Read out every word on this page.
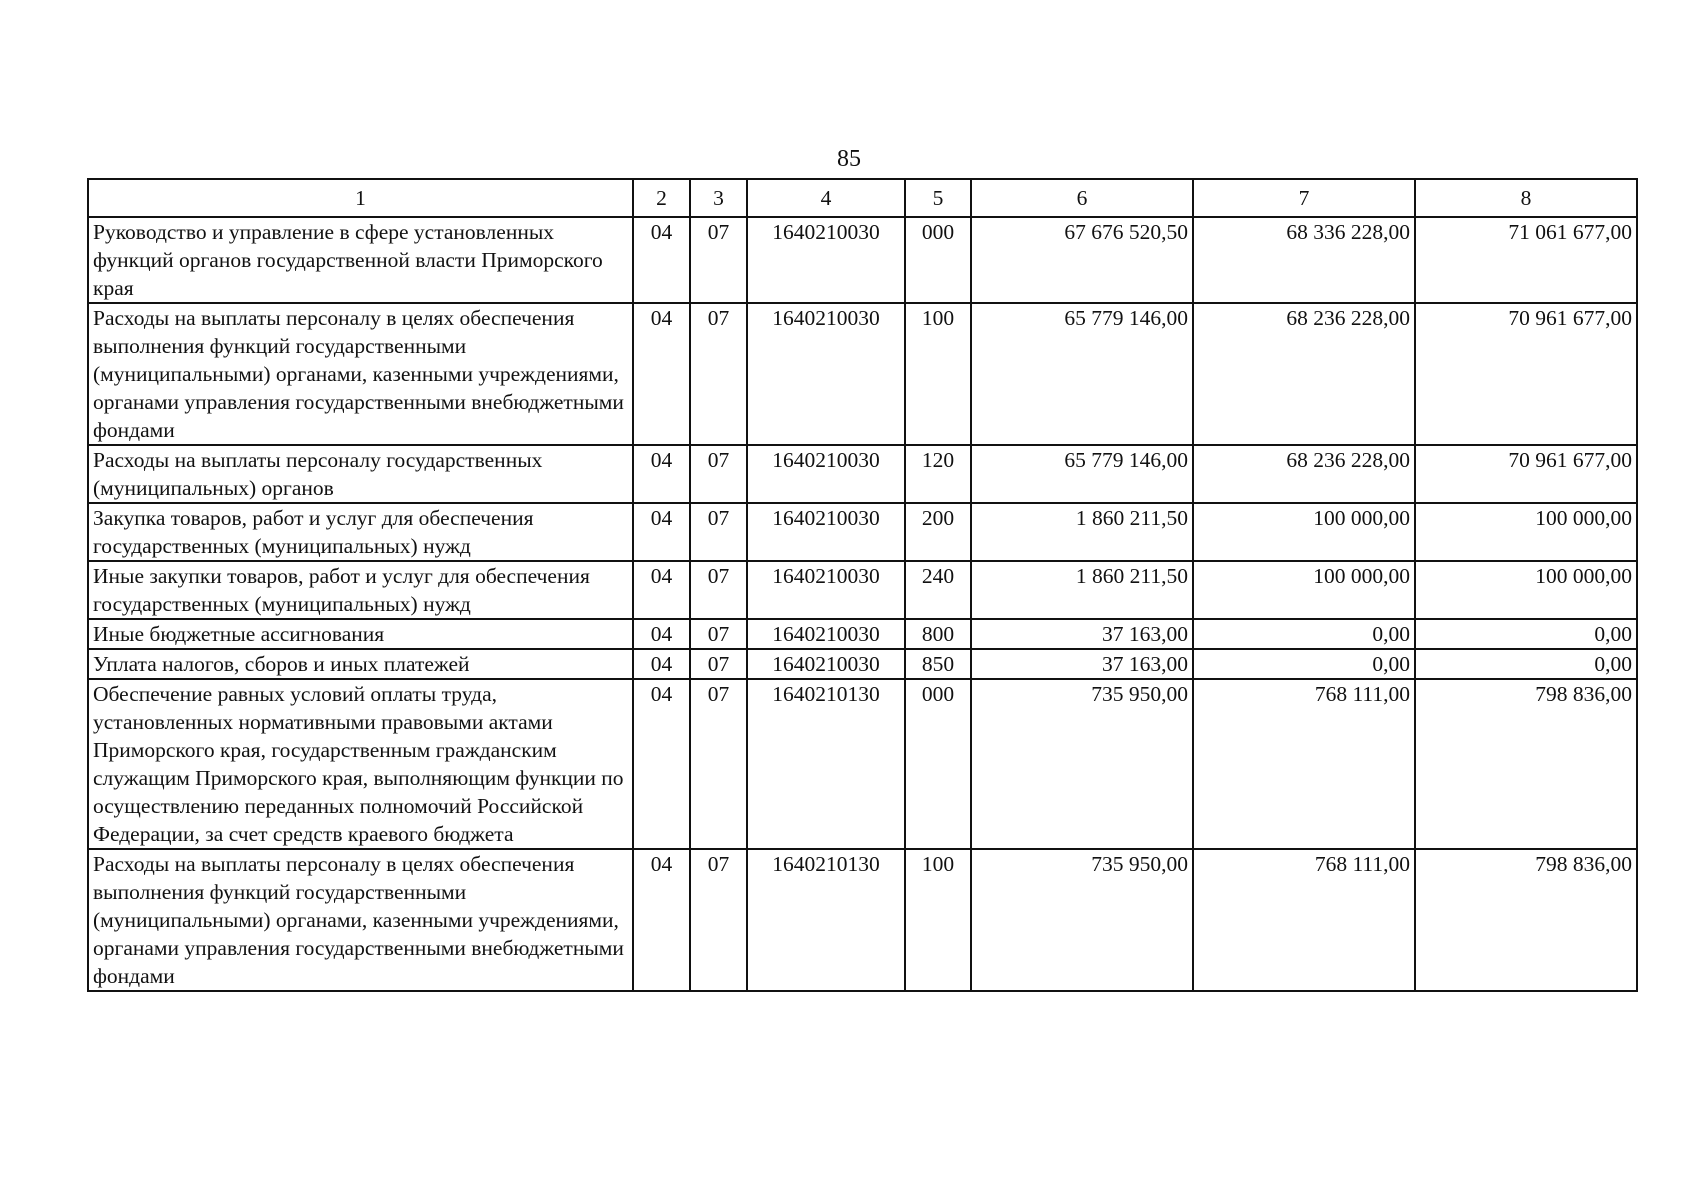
85
1	2	3	4	5	6	7	8
Руководство и управление в сфере установленных функций органов государственной власти Приморского края	04	07	1640210030	000	67 676 520,50	68 336 228,00	71 061 677,00
Расходы на выплаты персоналу в целях обеспечения выполнения функций государственными (муниципальными) органами, казенными учреждениями, органами управления государственными внебюджетными фондами	04	07	1640210030	100	65 779 146,00	68 236 228,00	70 961 677,00
Расходы на выплаты персоналу государственных (муниципальных) органов	04	07	1640210030	120	65 779 146,00	68 236 228,00	70 961 677,00
Закупка товаров, работ и услуг для обеспечения государственных (муниципальных) нужд	04	07	1640210030	200	1 860 211,50	100 000,00	100 000,00
Иные закупки товаров, работ и услуг для обеспечения государственных (муниципальных) нужд	04	07	1640210030	240	1 860 211,50	100 000,00	100 000,00
Иные бюджетные ассигнования	04	07	1640210030	800	37 163,00	0,00	0,00
Уплата налогов, сборов и иных платежей	04	07	1640210030	850	37 163,00	0,00	0,00
Обеспечение равных условий оплаты труда, установленных нормативными правовыми актами Приморского края, государственным гражданским служащим Приморского края, выполняющим функции по осуществлению переданных полномочий Российской Федерации, за счет средств краевого бюджета	04	07	1640210130	000	735 950,00	768 111,00	798 836,00
Расходы на выплаты персоналу в целях обеспечения выполнения функций государственными (муниципальными) органами, казенными учреждениями, органами управления государственными внебюджетными фондами	04	07	1640210130	100	735 950,00	768 111,00	798 836,00
